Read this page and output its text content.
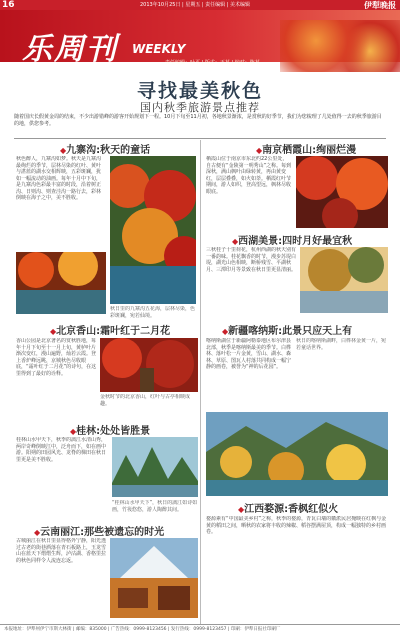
16	2013年10月25日 | 星期五 | 责任编辑 | 美术编辑	伊犁晚报
乐周刊 WEEKLY
责任编辑：叶平 | 版式：王某 | 校对：陈某
寻找最美秋色
国内秋季旅游景点推荐
随着国庆长假黄金周的结束，不少出游错峰的游客开始规划下一程。10月下旬至11月初，各地秋景渐浓，是赏秋的好季节，我们为您梳理了几处值得一去的秋季旅游目的地，供您参考。
◆九寨沟:秋天的童话
秋色醉人，九寨沟如梦。秋天是九寨沟最绚烂的季节，层林尽染的红叶、黄叶与湛蓝的湖水交相辉映，五彩斑斓，犹如一幅流动的油画。每年十月中下旬，是九寨沟色彩最丰富的时段，沿着树正沟、日则沟、则查洼沟一路行去，彩林倒映在海子之中，美不胜收。
秋日里的九寨沟五花海，层林尽染，色彩斑斓，宛若仙境。
◆北京香山:霜叶红于二月花
香山公园是北京著名的赏秋胜地，每年十月下旬至十一月上旬，黄栌叶片渐次变红，漫山遍野，灿若云霞。登上香炉峰远眺，京城秋色尽收眼底，“霜叶红于二月花”的诗句，在这里得到了最好的诠释。
金秋时节的北京香山，红叶与古亭相映成趣。
◆桂林:处处皆胜景
桂林山水甲天下，秋季的漓江水清山秀，两岸奇峰倒映江中，泛舟而下，如在画中游。阳朔的田园风光、龙脊的梯田在秋日里更是美不胜收。
“桂林山水甲天下”，秋日的漓江如诗如画，竹筏悠悠，游人陶醉其间。
◆云南丽江:那些被遗忘的时光
古城丽江在秋日里显得格外宁静，阳光透过古老的街巷洒落在青石板路上，玉龙雪山在蓝天下熠熠生辉，泸沽湖、香格里拉的秋色同样令人流连忘返。
◆南京栖霞山:绚丽烂漫
栖霞山位于南京市东北约22公里处，自古便有“金陵第一明秀山”之称。每到深秋，满山枫叶由绿转黄，再由黄变红，层层叠叠，如火如荼。栖霞红叶节期间，游人如织，登高望远，枫林尽收眼底。
◆西湖美景:四时月好最宜秋
三秋桂子十里荷花，杭州西湖的秋天别有一番韵味。桂花飘香的时节，漫步苏堤白堤，湖光山色相映，断桥残雪、平湖秋月、三潭印月等景致在秋日里更显清丽。
◆新疆喀纳斯:此景只应天上有
喀纳斯湖位于新疆阿勒泰地区布尔津县北部，秋季是喀纳斯最美的季节。白桦林、落叶松一片金黄，雪山、湖水、森林、草原、图瓦人村落共同构成一幅宁静的画卷，被誉为“神的后花园”。
秋日的喀纳斯湖畔，白桦林金黄一片，宛若童话世界。
◆江西婺源:香枫红似火
婺源素有“中国最美乡村”之称，秋季的婺源，青瓦白墙的徽派民居掩映在红枫与金黄的稻田之间，晒秋的农家将丰收的辣椒、稻谷摆满屋顶，构成一幅独特的乡村画卷。
本报地址：伊犁州伊宁市斯大林街 | 邮编：835000 | 广告热线：0999-8123456 | 发行热线：0999-8123457 | 印刷：伊犁日报社印刷厂
